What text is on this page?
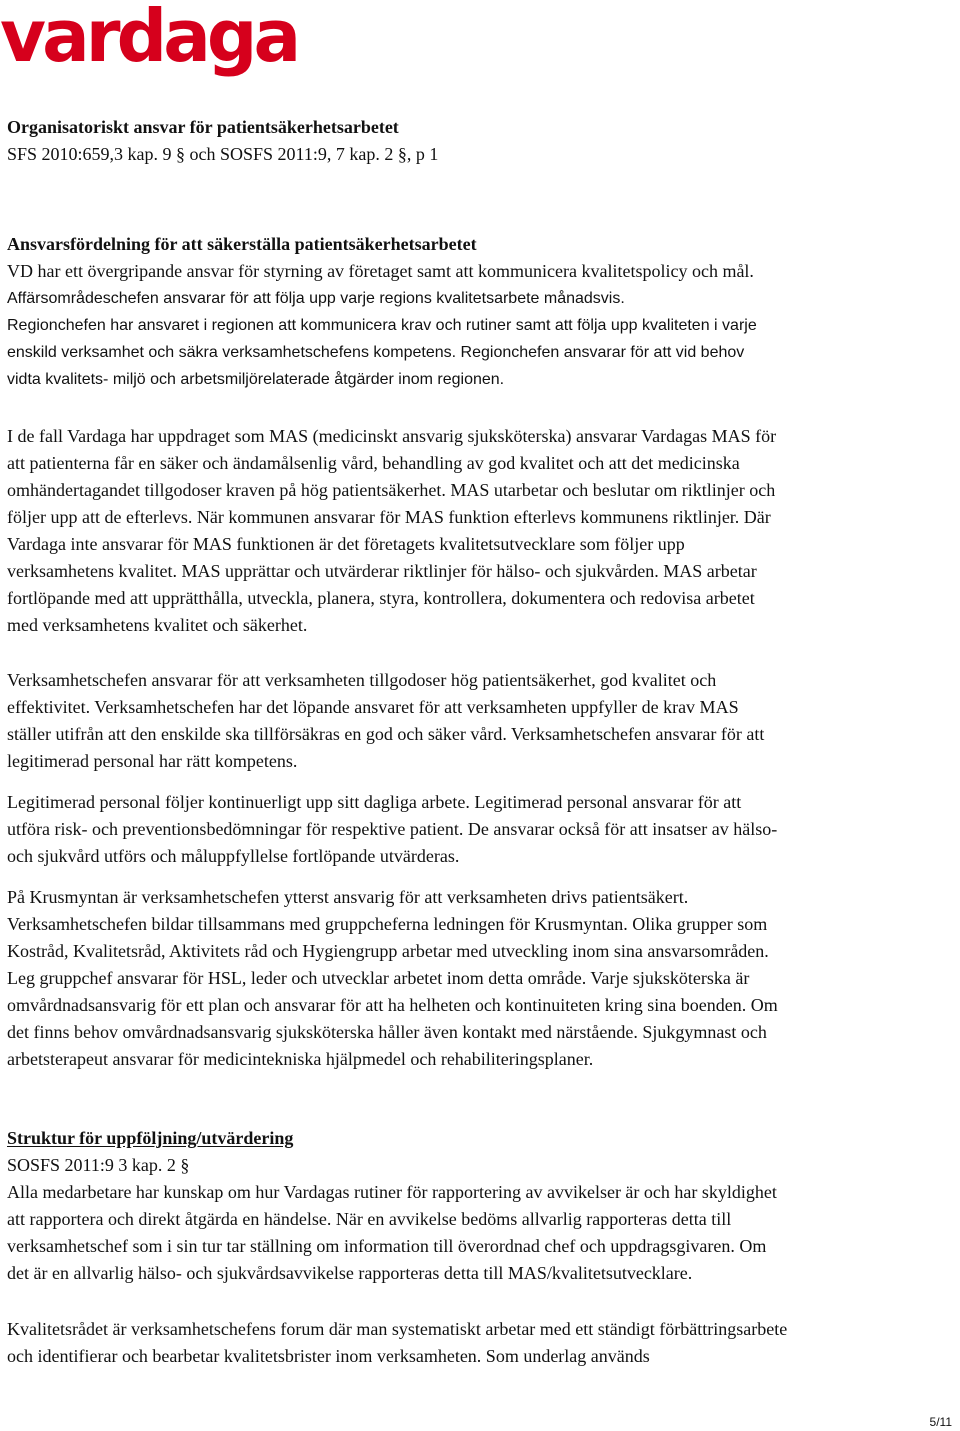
vardaga

Organisatoriskt ansvar för patientsäkerhetsarbetet

SFS 2010:659,3 kap. 9 § och SOSFS 2011:9, 7 kap. 2 §, p 1

Ansvarsfördelning för att säkerställa patientsäkerhetsarbetet

VD har ett övergripande ansvar för styrning av företaget samt att kommunicera kvalitetspolicy och mål.

Affärsområdeschefen ansvarar för att följa upp varje regions kvalitetsarbete månadsvis.

Regionchefen har ansvaret i regionen att kommunicera krav och rutiner samt att följa upp kvaliteten i varje

enskild verksamhet och säkra verksamhetschefens kompetens. Regionchefen ansvarar för att vid behov

vidta kvalitets- miljö och arbetsmiljörelaterade åtgärder inom regionen.

I de fall Vardaga har uppdraget som MAS (medicinskt ansvarig sjuksköterska) ansvarar Vardagas MAS för

att patienterna får en säker och ändamålsenlig vård, behandling av god kvalitet och att det medicinska

omhändertagandet tillgodoser kraven på hög patientsäkerhet. MAS utarbetar och beslutar om riktlinjer och

följer upp att de efterlevs. När kommunen ansvarar för MAS funktion efterlevs kommunens riktlinjer. Där

Vardaga inte ansvarar för MAS funktionen är det företagets kvalitetsutvecklare som följer upp

verksamhetens kvalitet. MAS upprättar och utvärderar riktlinjer för hälso- och sjukvården. MAS arbetar

fortlöpande med att upprätthålla, utveckla, planera, styra, kontrollera, dokumentera och redovisa arbetet

med verksamhetens kvalitet och säkerhet.

Verksamhetschefen ansvarar för att verksamheten tillgodoser hög patientsäkerhet, god kvalitet och

effektivitet. Verksamhetschefen har det löpande ansvaret för att verksamheten uppfyller de krav MAS

ställer utifrån att den enskilde ska tillförsäkras en god och säker vård. Verksamhetschefen ansvarar för att

legitimerad personal har rätt kompetens.

Legitimerad personal följer kontinuerligt upp sitt dagliga arbete. Legitimerad personal ansvarar för att

utföra risk- och preventionsbedömningar för respektive patient. De ansvarar också för att insatser av hälso-

och sjukvård utförs och måluppfyllelse fortlöpande utvärderas.

På Krusmyntan är verksamhetschefen ytterst ansvarig för att verksamheten drivs patientsäkert.

Verksamhetschefen bildar tillsammans med gruppcheferna ledningen för Krusmyntan. Olika grupper som

Kostråd, Kvalitetsråd, Aktivitets råd och Hygiengrupp arbetar med utveckling inom sina ansvarsområden.

Leg gruppchef ansvarar för HSL, leder och utvecklar arbetet inom detta område. Varje sjuksköterska är

omvårdnadsansvarig för ett plan och ansvarar för att ha helheten och kontinuiteten kring sina boenden. Om

det finns behov omvårdnadsansvarig sjuksköterska håller även kontakt med närstående. Sjukgymnast och

arbetsterapeut ansvarar för medicintekniska hjälpmedel och rehabiliteringsplaner.

Struktur för uppföljning/utvärdering

SOSFS 2011:9 3 kap. 2 §

Alla medarbetare har kunskap om hur Vardagas rutiner för rapportering av avvikelser är och har skyldighet

att rapportera och direkt åtgärda en händelse. När en avvikelse bedöms allvarlig rapporteras detta till

verksamhetschef som i sin tur tar ställning om information till överordnad chef och uppdragsgivaren. Om

det är en allvarlig hälso- och sjukvårdsavvikelse rapporteras detta till MAS/kvalitetsutvecklare.

Kvalitetsrådet är verksamhetschefens forum där man systematiskt arbetar med ett ständigt förbättringsarbete

och identifierar och bearbetar kvalitetsbrister inom verksamheten. Som underlag används

5/11
